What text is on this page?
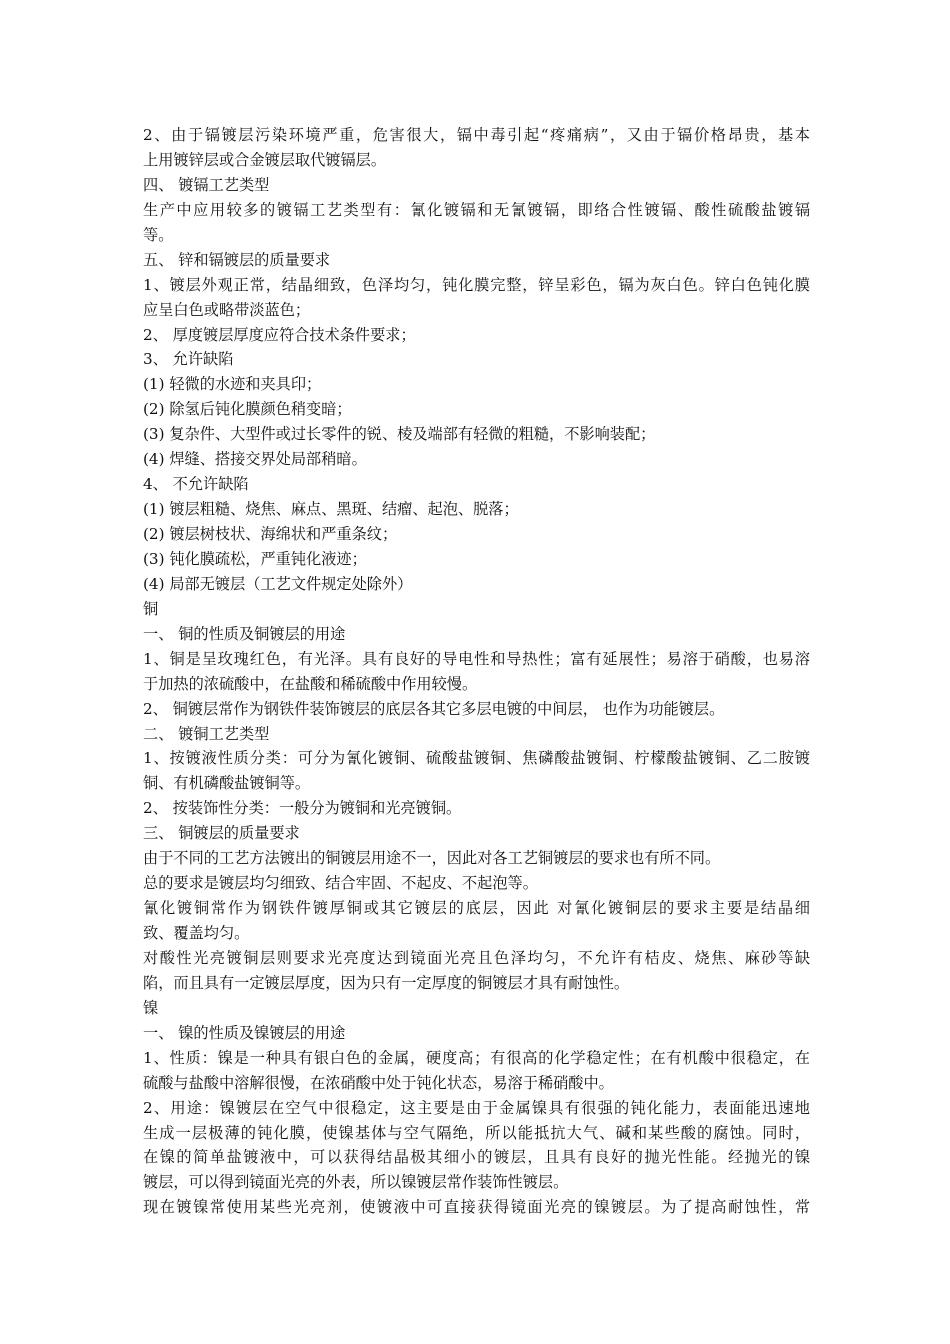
2、由于镉镀层污染环境严重，危害很大，镉中毒引起“疼痛病”，又由于镉价格昂贵，基本
上用镀锌层或合金镀层取代镀镉层。
四、 镀镉工艺类型
生产中应用较多的镀镉工艺类型有：氰化镀镉和无氰镀镉，即络合性镀镉、酸性硫酸盐镀镉
等。
五、 锌和镉镀层的质量要求
1、镀层外观正常，结晶细致，色泽均匀，钝化膜完整，锌呈彩色，镉为灰白色。锌白色钝化膜
应呈白色或略带淡蓝色；
2、 厚度镀层厚度应符合技术条件要求；
3、 允许缺陷
(1) 轻微的水迹和夹具印；
(2) 除氢后钝化膜颜色稍变暗；
(3) 复杂件、大型件或过长零件的锐、棱及端部有轻微的粗糙，不影响装配；
(4) 焊缝、搭接交界处局部稍暗。
4、 不允许缺陷
(1) 镀层粗糙、烧焦、麻点、黑斑、结瘤、起泡、脱落；
(2) 镀层树枝状、海绵状和严重条纹；
(3) 钝化膜疏松，严重钝化液迹；
(4) 局部无镀层（工艺文件规定处除外）
铜
一、 铜的性质及铜镀层的用途
1、铜是呈玫瑰红色，有光泽。具有良好的导电性和导热性；富有延展性；易溶于硝酸，也易溶
于加热的浓硫酸中，在盐酸和稀硫酸中作用较慢。
2、 铜镀层常作为钢铁件装饰镀层的底层各其它多层电镀的中间层， 也作为功能镀层。
二、 镀铜工艺类型
1、按镀液性质分类：可分为氰化镀铜、硫酸盐镀铜、焦磷酸盐镀铜、柠檬酸盐镀铜、乙二胺镀
铜、有机磷酸盐镀铜等。
2、 按装饰性分类：一般分为镀铜和光亮镀铜。
三、 铜镀层的质量要求
由于不同的工艺方法镀出的铜镀层用途不一，因此对各工艺铜镀层的要求也有所不同。
总的要求是镀层均匀细致、结合牢固、不起皮、不起泡等。
氰化镀铜常作为钢铁件镀厚铜或其它镀层的底层，因此 对氰化镀铜层的要求主要是结晶细
致、覆盖均匀。
对酸性光亮镀铜层则要求光亮度达到镜面光亮且色泽均匀，不允许有桔皮、烧焦、麻砂等缺
陷，而且具有一定镀层厚度，因为只有一定厚度的铜镀层才具有耐蚀性。
镍
一、 镍的性质及镍镀层的用途
1、性质：镍是一种具有银白色的金属，硬度高；有很高的化学稳定性；在有机酸中很稳定，在
硫酸与盐酸中溶解很慢，在浓硝酸中处于钝化状态，易溶于稀硝酸中。
2、用途：镍镀层在空气中很稳定，这主要是由于金属镍具有很强的钝化能力，表面能迅速地
生成一层极薄的钝化膜，使镍基体与空气隔绝，所以能抵抗大气、碱和某些酸的腐蚀。同时，
在镍的简单盐镀液中，可以获得结晶极其细小的镀层，且具有良好的抛光性能。经抛光的镍
镀层，可以得到镜面光亮的外表，所以镍镀层常作装饰性镀层。
现在镀镍常使用某些光亮剂，使镀液中可直接获得镜面光亮的镍镀层。为了提高耐蚀性，常
